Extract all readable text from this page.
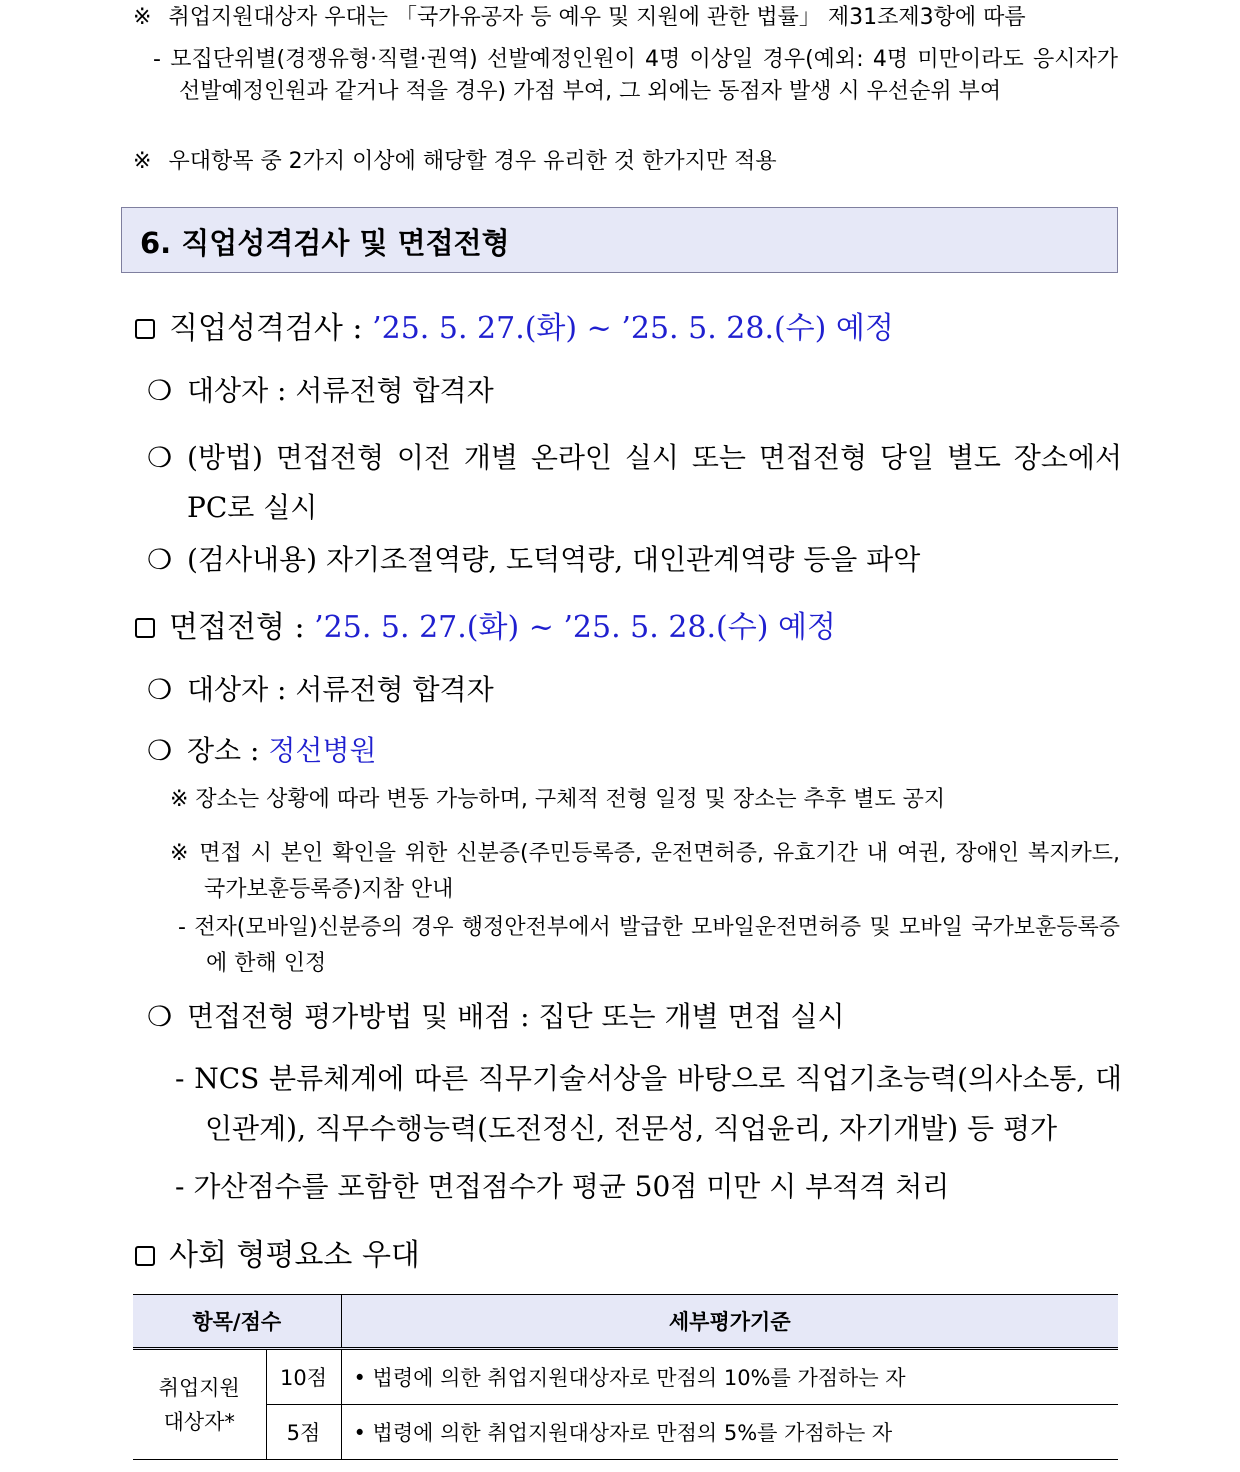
※ 취업지원대상자 우대는 「국가유공자 등 예우 및 지원에 관한 법률」 제31조제3항에 따름
- 모집단위별(경쟁유형·직렬·권역) 선발예정인원이 4명 이상일 경우(예외: 4명 미만이라도 응시자가 선발예정인원과 같거나 적을 경우) 가점 부여, 그 외에는 동점자 발생 시 우선순위 부여
※ 우대항목 중 2가지 이상에 해당할 경우 유리한 것 한가지만 적용
6. 직업성격검사 및 면접전형
직업성격검사 : ’25. 5. 27.(화) ~ ’25. 5. 28.(수) 예정
❍ 대상자 : 서류전형 합격자
❍ (방법) 면접전형 이전 개별 온라인 실시 또는 면접전형 당일 별도 장소에서 PC로 실시
❍ (검사내용) 자기조절역량, 도덕역량, 대인관계역량 등을 파악
면접전형 : ’25. 5. 27.(화) ~ ’25. 5. 28.(수) 예정
❍ 대상자 : 서류전형 합격자
❍ 장소 : 정선병원
※ 장소는 상황에 따라 변동 가능하며, 구체적 전형 일정 및 장소는 추후 별도 공지
※ 면접 시 본인 확인을 위한 신분증(주민등록증, 운전면허증, 유효기간 내 여권, 장애인 복지카드, 국가보훈등록증)지참 안내
- 전자(모바일)신분증의 경우 행정안전부에서 발급한 모바일운전면허증 및 모바일 국가보훈등록증에 한해 인정
❍ 면접전형 평가방법 및 배점 : 집단 또는 개별 면접 실시
- NCS 분류체계에 따른 직무기술서상을 바탕으로 직업기초능력(의사소통, 대인관계), 직무수행능력(도전정신, 전문성, 직업윤리, 자기개발) 등 평가
- 가산점수를 포함한 면접점수가 평균 50점 미만 시 부적격 처리
사회 형평요소 우대
항목/점수		세부평가기준
취업지원
대상자*	10점	• 법령에 의한 취업지원대상자로 만점의 10%를 가점하는 자
	5점	• 법령에 의한 취업지원대상자로 만점의 5%를 가점하는 자
